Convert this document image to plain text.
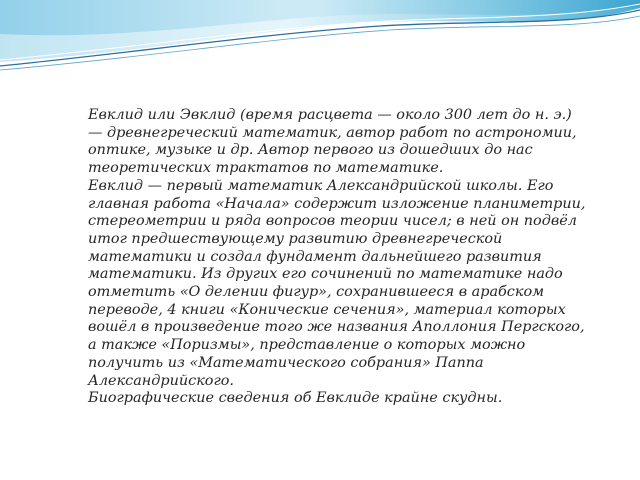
Евклид или Эвклид (время расцвета — около 300 лет до н. э.) — древнегреческий математик, автор работ по астрономии, оптике, музыке и др. Автор первого из дошедших до нас теоретических трактатов по математике.

Евклид — первый математик Александрийской школы. Его главная работа «Начала» содержит изложение планиметрии, стереометрии и ряда вопросов теории чисел; в ней он подвёл итог предшествующему развитию древнегреческой математики и создал фундамент дальнейшего развития математики. Из других его сочинений по математике надо отметить «О делении фигур», сохранившееся в арабском переводе, 4 книги «Конические сечения», материал которых вошёл в произведение того же названия Аполлония Пергского, а также «Поризмы», представление о которых можно получить из «Математического собрания» Паппа Александрийского.

Биографические сведения об Евклиде крайне скудны.
